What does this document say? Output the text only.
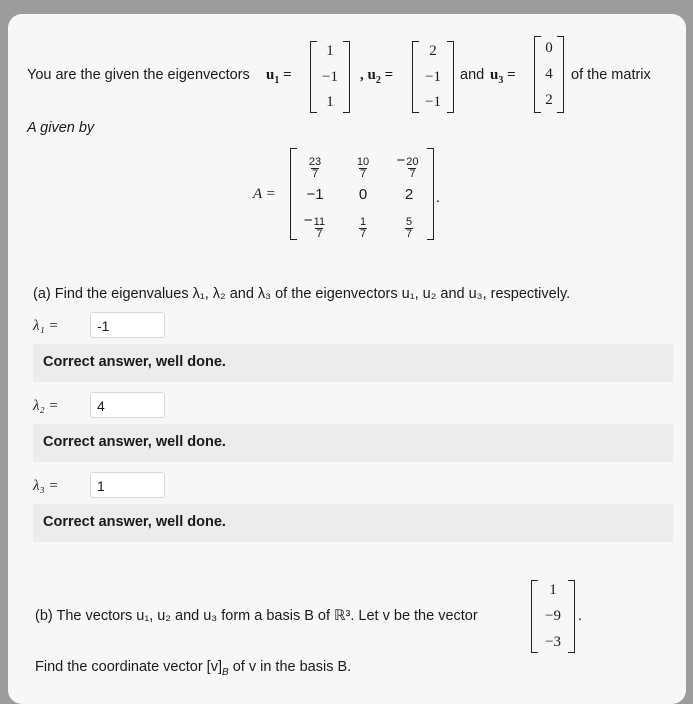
You are the given the eigenvectors $u_1$ =
1
−1
1
, $u_2$ =
2
−1
−1
and $u_3$ =
0
4
2
of the matrix
A given by
A =
$\frac{23}{7}$	$\frac{10}{7}$	− $\frac{20}{7}$
−1	0	2
− $\frac{11}{7}$	$\frac{1}{7}$	$\frac{5}{7}$
.
(a) Find the eigenvalues λ₁, λ₂ and λ₃ of the eigenvectors u₁, u₂ and u₃, respectively.
λ₁ =	-1
Correct answer, well done.
λ₂ =	4
Correct answer, well done.
λ₃ =	1
Correct answer, well done.
(b) The vectors u₁, u₂ and u₃ form a basis B of ℝ³. Let v be the vector
1
−9
−3
.
Find the coordinate vector $[v]_B$ of v in the basis B.
